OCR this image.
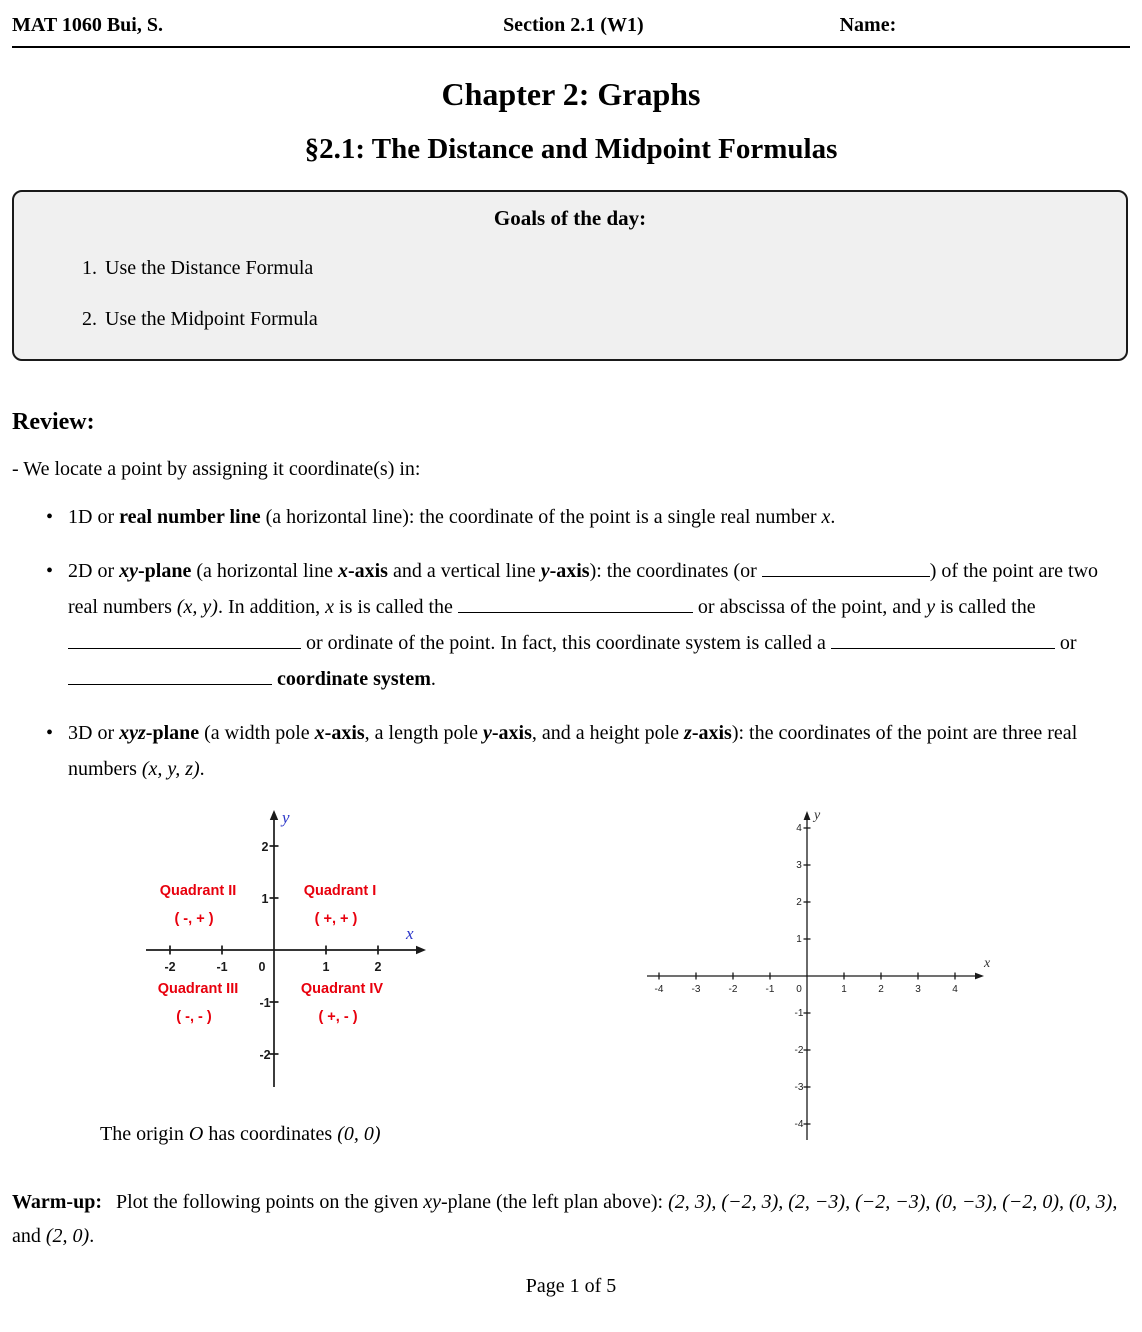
MAT 1060 Bui, S.	Section 2.1 (W1)	Name:
Chapter 2: Graphs
§2.1: The Distance and Midpoint Formulas
Goals of the day:
1. Use the Distance Formula
2. Use the Midpoint Formula
Review:

- We locate a point by assigning it coordinate(s) in:

• 1D or real number line (a horizontal line): the coordinate of the point is a single real number x.
• 2D or xy-plane (a horizontal line x-axis and a vertical line y-axis): the coordinates (or	) of the point are two real numbers (x, y). In addition, x is is called the	or abscissa of the point, and y is called the  or ordinate of the point. In fact, this coordinate system is called a	or  coordinate system.
• 3D or xyz-plane (a width pole x-axis, a length pole y-axis, and a height pole z-axis): the coordinates of the point are three real numbers (x, y, z).
-2	-1 0	1	2
2
1
-1
-2
y
x
Quadrant II
( -, + )
Quadrant I
( +, + )
Quadrant III
( -, - )
Quadrant IV
( +, - )

The origin O has coordinates (0, 0)

-4	-3	-2	-1 0	1	2	3	4
4
3
2
1
-1
-2
-3
-4
x
y

Warm-up: Plot the following points on the given xy-plane (the left plan above): (2, 3), (−2, 3), (2, −3), (−2, −3), (0, −3), (−2, 0), (0, 3), and (2, 0).

Page 1 of 5
